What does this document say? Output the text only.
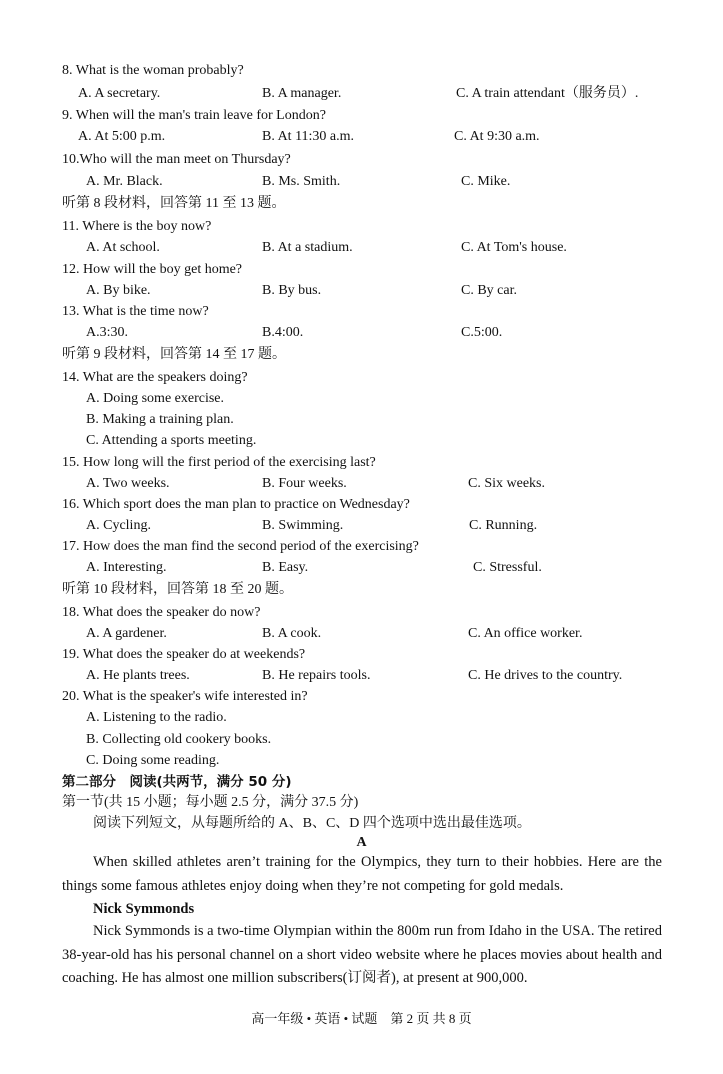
8. What is the woman probably?
A. A secretary.	B. A manager.	C. A train attendant（服务员）.
9. When will the man's train leave for London?
A. At 5:00 p.m.	B. At 11:30 a.m.	C. At 9:30 a.m.
10.Who will the man meet on Thursday?
A. Mr. Black.	B. Ms. Smith.	C. Mike.
听第 8 段材料，回答第 11 至 13 题。
11. Where is the boy now?
A. At school.	B. At a stadium.	C. At Tom's house.
12. How will the boy get home?
A. By bike.	B. By bus.	C. By car.
13. What is the time now?
A.3:30.	B.4:00.	C.5:00.
听第 9 段材料，回答第 14 至 17 题。
14. What are the speakers doing?
A. Doing some exercise.
B. Making a training plan.
C. Attending a sports meeting.
15. How long will the first period of the exercising last?
A. Two weeks.	B. Four weeks.	C. Six weeks.
16. Which sport does the man plan to practice on Wednesday?
A. Cycling.	B. Swimming.	C. Running.
17. How does the man find the second period of the exercising?
A. Interesting.	B. Easy.	C. Stressful.
听第 10 段材料，回答第 18 至 20 题。
18. What does the speaker do now?
A. A gardener.	B. A cook.	C. An office worker.
19. What does the speaker do at weekends?
A. He plants trees.	B. He repairs tools.	C. He drives to the country.
20. What is the speaker's wife interested in?
A. Listening to the radio.
B. Collecting old cookery books.
C. Doing some reading.
第二部分　阅读(共两节，满分 50 分)
第一节(共 15 小题；每小题 2.5 分，满分 37.5 分)
阅读下列短文，从每题所给的 A、B、C、D 四个选项中选出最佳选项。
A
When skilled athletes aren’t training for the Olympics, they turn to their hobbies. Here are the things some famous athletes enjoy doing when they’re not competing for gold medals.
Nick Symmonds
Nick Symmonds is a two-time Olympian within the 800m run from Idaho in the USA. The retired 38-year-old has his personal channel on a short video website where he places movies about health and coaching. He has almost one million subscribers(订阅者), at present at 900,000.
高一年级 • 英语 • 试题　第 2 页 共 8 页
